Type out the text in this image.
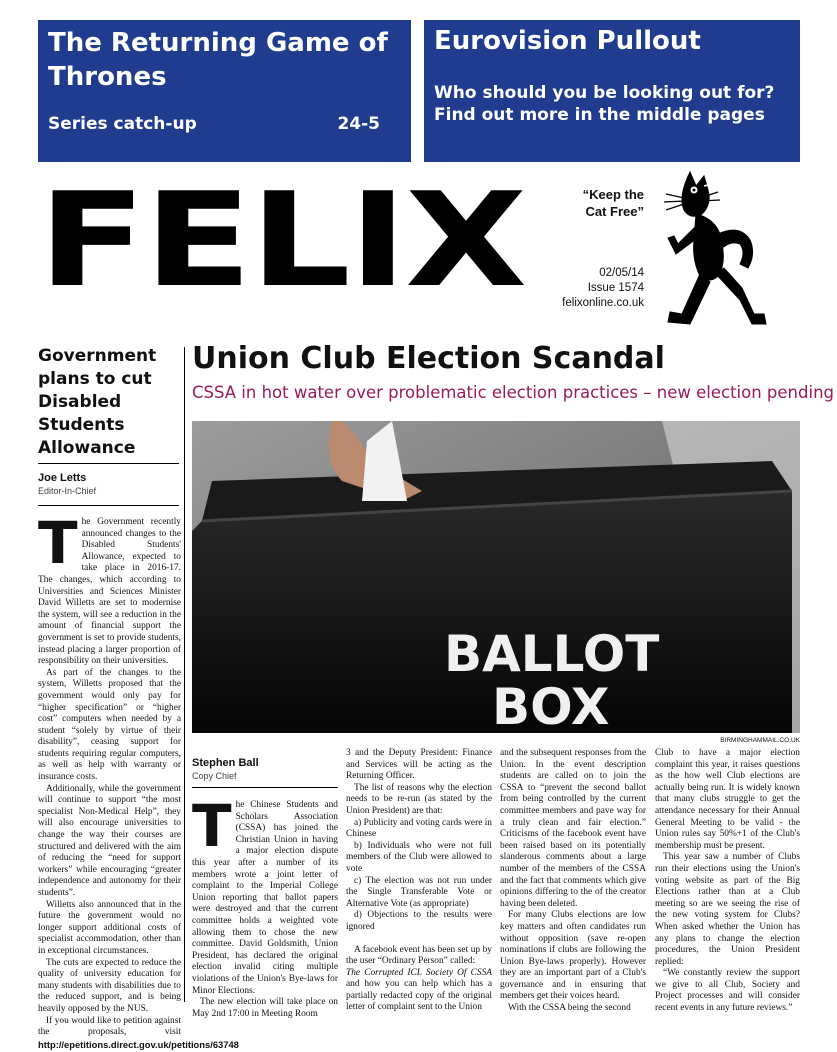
The Returning Game of Thrones
Series catch-up	24-5
Eurovision Pullout
Who should you be looking out for? Find out more in the middle pages
FELIX	“Keep the Cat Free”
02/05/14
Issue 1574
felixonline.co.uk
Government plans to cut Disabled Students Allowance
Joe Letts
Editor-In-Chief

The Government recently announced changes to the Disabled Students' Allowance, expected to take place in 2016-17. The changes, which according to Universities and Sciences Minister David Willetts are set to modernise the system, will see a reduction in the amount of financial support the government is set to provide students, instead placing a larger proportion of responsibility on their universities.

As part of the changes to the system, Willetts proposed that the government would only pay for “higher specification” or “higher cost” computers when needed by a student “solely by virtue of their disability”, ceasing support for students requiring regular computers, as well as help with warranty or insurance costs.

Additionally, while the government will continue to support “the most specialist Non-Medical Help”, they will also encourage universities to change the way their courses are structured and delivered with the aim of reducing the “need for support workers” while encouraging “greater independence and autonomy for their students”.

Willetts also announced that in the future the government would no longer support additional costs of specialist accommodation, other than in exceptional circumstances.

The cuts are expected to reduce the quality of university education for many students with disabilities due to the reduced support, and is being heavily opposed by the NUS.

If you would like to petition against the proposals, visit http://epetitions.direct.gov.uk/petitions/63748

Union Club Election Scandal
CSSA in hot water over problematic election practices – new election pending
BALLOT
BOX
BIRMINGHAMMAIL.CO.UK
Stephen Ball
Copy Chief

The Chinese Students and Scholars Association (CSSA) has joined the Christian Union in having a major election dispute this year after a number of its members wrote a joint letter of complaint to the Imperial College Union reporting that ballot papers were destroyed and that the current committee holds a weighted vote allowing them to chose the new committee. David Goldsmith, Union President, has declared the original election invalid citing multiple violations of the Union's Bye-laws for Minor Elections.

The new election will take place on May 2nd 17:00 in Meeting Room

3 and the Deputy President: Finance and Services will be acting as the Returning Officer.

The list of reasons why the election needs to be re-run (as stated by the Union President) are that:

a) Publicity and voting cards were in Chinese

b) Individuals who were not full members of the Club were allowed to vote

c) The election was not run under the Single Transferable Vote or Alternative Vote (as appropriate)

d) Objections to the results were ignored

A facebook event has been set up by the user “Ordinary Person” called:

The Corrupted ICL Society Of CSSA and how you can help which has a partially redacted copy of the original letter of complaint sent to the Union

and the subsequent responses from the Union. In the event description students are called on to join the CSSA to “prevent the second ballot from being controlled by the current committee members and pave way for a truly clean and fair election.” Criticisms of the facebook event have been raised based on its potentially slanderous comments about a large number of the members of the CSSA and the fact that comments which give opinions differing to the of the creator having been deleted.

For many Clubs elections are low key matters and often candidates run without opposition (save re-open nominations if clubs are following the Union Bye-laws properly). However they are an important part of a Club's governance and in ensuring that members get their voices heard.

With the CSSA being the second

Club to have a major election complaint this year, it raises questions as the how well Club elections are actually being run. It is widely known that many clubs struggle to get the attendance necessary for their Annual General Meeting to be valid - the Union rules say 50%+1 of the Club's membership must be present.

This year saw a number of Clubs run their elections using the Union's voting website as part of the Big Elections rather than at a Club meeting so are we seeing the rise of the new voting system for Clubs? When asked whether the Union has any plans to change the election procedures, the Union President replied:

“We constantly review the support we give to all Club, Society and Project processes and will consider recent events in any future reviews.”
